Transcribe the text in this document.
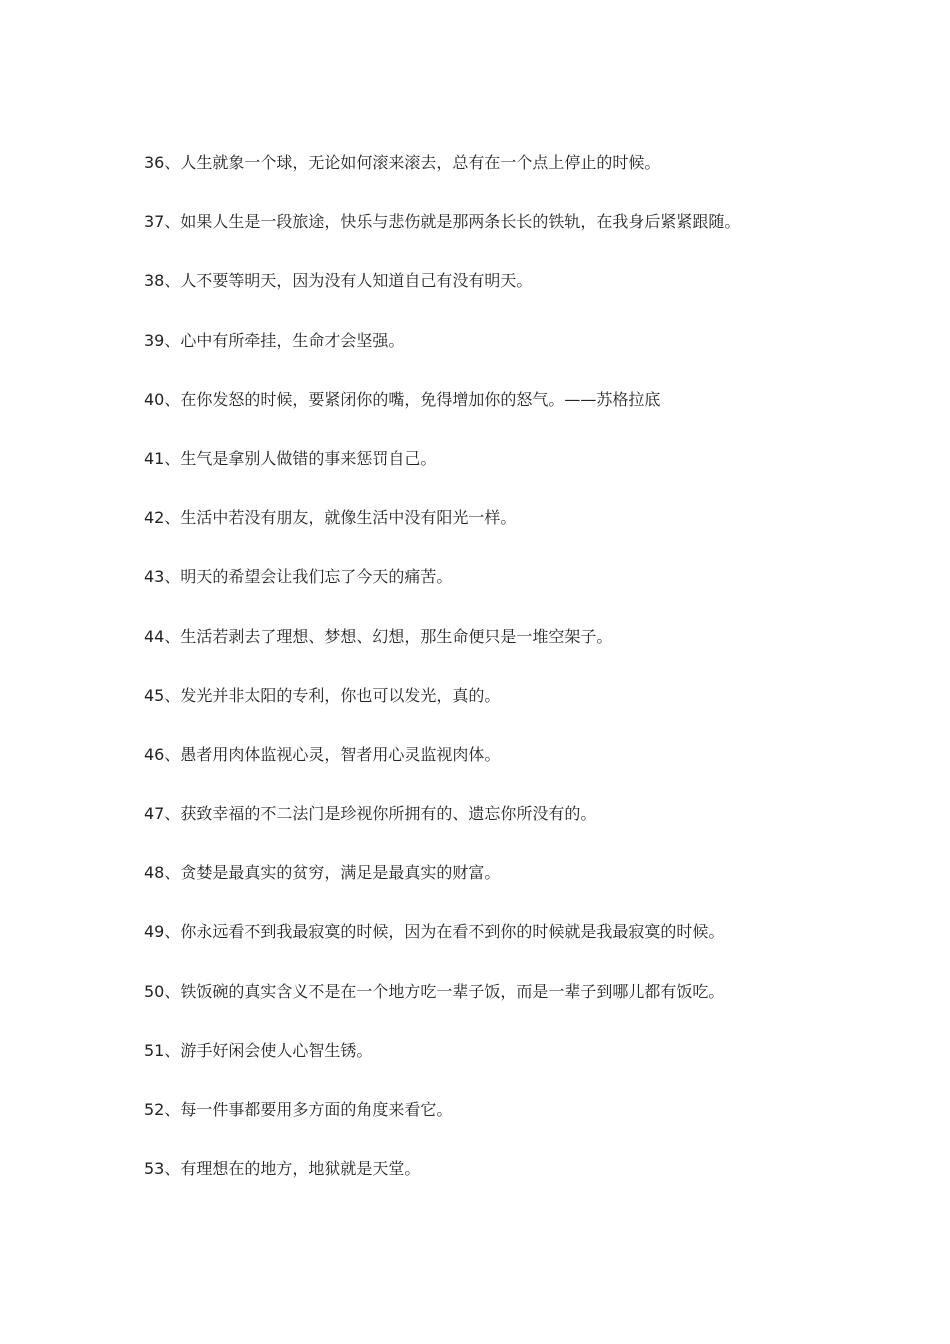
36、人生就象一个球，无论如何滚来滚去，总有在一个点上停止的时候。
37、如果人生是一段旅途，快乐与悲伤就是那两条长长的铁轨，在我身后紧紧跟随。
38、人不要等明天，因为没有人知道自己有没有明天。
39、心中有所牵挂，生命才会坚强。
40、在你发怒的时候，要紧闭你的嘴，免得增加你的怒气。——苏格拉底
41、生气是拿别人做错的事来惩罚自己。
42、生活中若没有朋友，就像生活中没有阳光一样。
43、明天的希望会让我们忘了今天的痛苦。
44、生活若剥去了理想、梦想、幻想，那生命便只是一堆空架子。
45、发光并非太阳的专利，你也可以发光，真的。
46、愚者用肉体监视心灵，智者用心灵监视肉体。
47、获致幸福的不二法门是珍视你所拥有的、遗忘你所没有的。
48、贪婪是最真实的贫穷，满足是最真实的财富。
49、你永远看不到我最寂寞的时候，因为在看不到你的时候就是我最寂寞的时候。
50、铁饭碗的真实含义不是在一个地方吃一辈子饭，而是一辈子到哪儿都有饭吃。
51、游手好闲会使人心智生锈。
52、每一件事都要用多方面的角度来看它。
53、有理想在的地方，地狱就是天堂。
